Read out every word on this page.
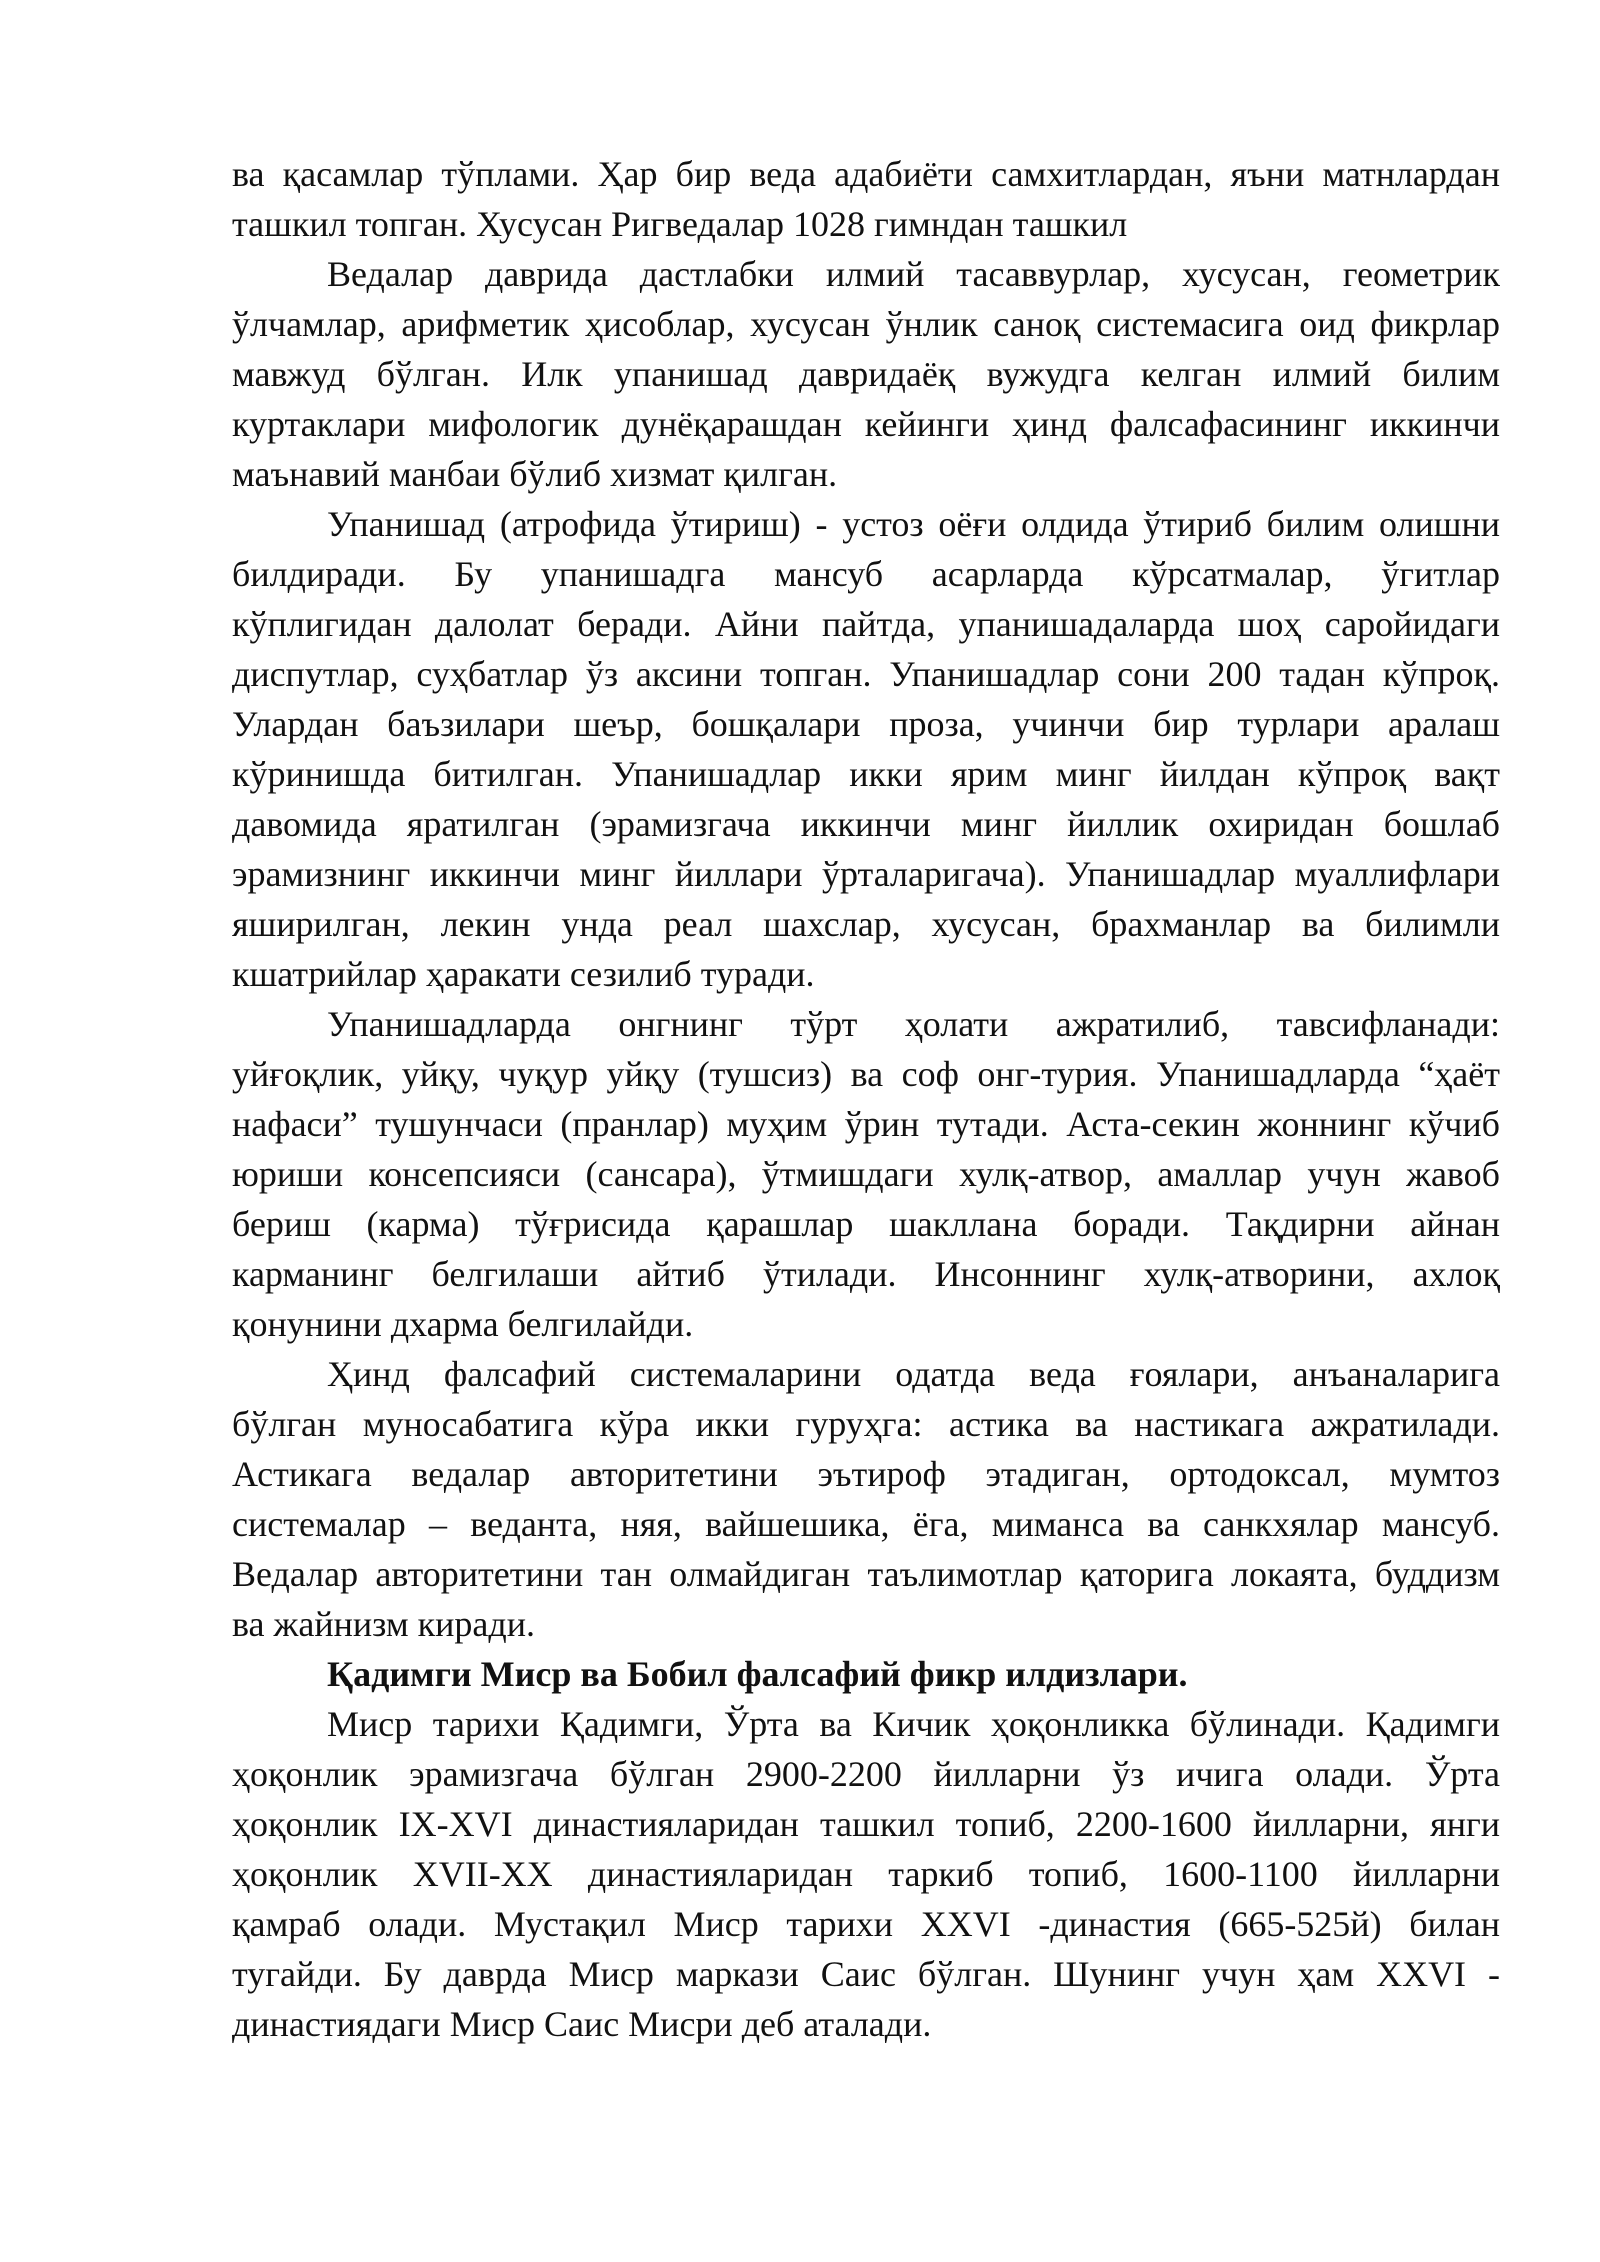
ва қасамлар тўплами. Ҳар бир веда адабиёти самхитлардан, яъни матнлардан
ташкил топган. Хусусан Ригведалар 1028 гимндан ташкил
Ведалар даврида дастлабки илмий тасаввурлар, хусусан, геометрик
ўлчамлар, арифметик ҳисоблар, хусусан ўнлик саноқ системасига оид фикрлар
мавжуд бўлган. Илк упанишад давридаёқ вужудга келган илмий билим
куртаклари мифологик дунёқарашдан кейинги ҳинд фалсафасининг иккинчи
маънавий манбаи бўлиб хизмат қилган.
Упанишад (атрофида ўтириш) - устоз оёғи олдида ўтириб билим олишни
билдиради. Бу упанишадга мансуб асарларда кўрсатмалар, ўгитлар
кўплигидан далолат беради. Айни пайтда, упанишадаларда шоҳ саройидаги
диспутлар, суҳбатлар ўз аксини топган. Упанишадлар сони 200 тадан кўпроқ.
Улардан баъзилари шеър, бошқалари проза, учинчи бир турлари аралаш
кўринишда битилган. Упанишадлар икки ярим минг йилдан кўпроқ вақт
давомида яратилган (эрамизгача иккинчи минг йиллик охиридан бошлаб
эрамизнинг иккинчи минг йиллари ўрталаригача). Упанишадлар муаллифлари
яширилган, лекин унда реал шахслар, хусусан, брахманлар ва билимли
кшатрийлар ҳаракати сезилиб туради.
Упанишадларда онгнинг тўрт ҳолати ажратилиб, тавсифланади:
уйғоқлик, уйқу, чуқур уйқу (тушсиз) ва соф онг-турия. Упанишадларда “ҳаёт
нафаси” тушунчаси (пранлар) муҳим ўрин тутади. Аста-секин жоннинг кўчиб
юриши консепсияси (сансара), ўтмишдаги хулқ-атвор, амаллар учун жавоб
бериш (карма) тўғрисида қарашлар шакллана боради. Тақдирни айнан
карманинг белгилаши айтиб ўтилади. Инсоннинг хулқ-атворини, ахлоқ
қонунини дхарма белгилайди.
Ҳинд фалсафий системаларини одатда веда ғоялари, анъаналарига
бўлган муносабатига кўра икки гуруҳга: астика ва настикага ажратилади.
Астикага ведалар авторитетини эътироф этадиган, ортодоксал, мумтоз
системалар – веданта, няя, вайшешика, ёга, миманса ва санкхялар мансуб.
Ведалар авторитетини тан олмайдиган таълимотлар қаторига локаята, буддизм
ва жайнизм киради.
Қадимги Миср ва Бобил фалсафий фикр илдизлари.
Миср тарихи Қадимги, Ўрта ва Кичик ҳоқонликка бўлинади. Қадимги
ҳоқонлик эрамизгача бўлган 2900-2200 йилларни ўз ичига олади. Ўрта
ҳоқонлик IX-XVI династияларидан ташкил топиб, 2200-1600 йилларни, янги
ҳоқонлик XVII-XX династияларидан таркиб топиб, 1600-1100 йилларни
қамраб олади. Мустақил Миср тарихи XXVI -династия (665-525й) билан
тугайди. Бу даврда Миср маркази Саис бўлган. Шунинг учун ҳам XXVI -
династиядаги Миср Саис Мисри деб аталади.
